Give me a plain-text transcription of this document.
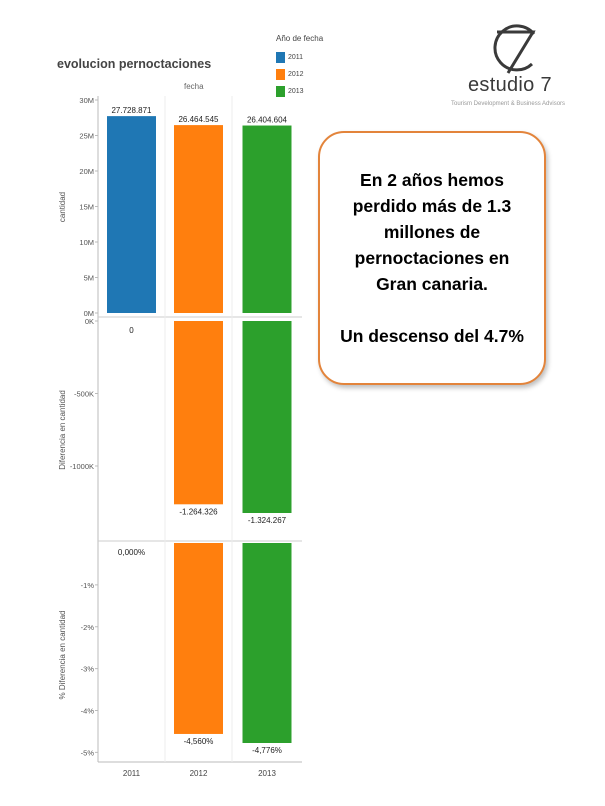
evolucion pernoctaciones
fecha
Año de fecha
2011
2012
2013	estudio 7
Tourism Development & Business Advisors
En 2 años hemos perdido más de 1.3 millones de pernoctaciones en Gran canaria.
Un descenso del 4.7%
0M
5M
10M
15M
20M
25M
30M
cantidad
27.728.871
26.464.545	26.404.604
0K
-500K
-1000K
Diferencia en cantidad
0
-1.264.326
-1.324.267
-1%
-2%
-3%
-4%
-5%
% Diferencia en cantidad
0,000%
-4,560%
-4,776%
2011	2012	2013
